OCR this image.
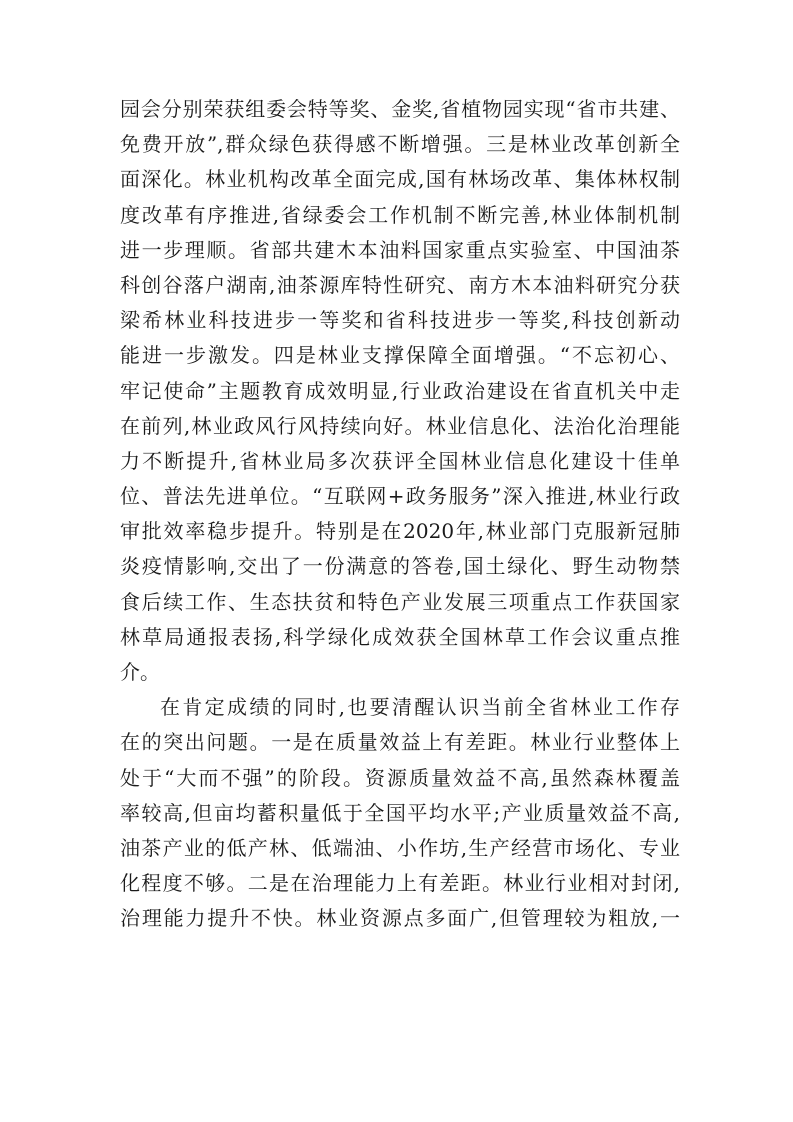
园会分别荣获组委会特等奖、金奖,省植物园实现“省市共建、
免费开放”,群众绿色获得感不断增强。三是林业改革创新全
面深化。林业机构改革全面完成,国有林场改革、集体林权制
度改革有序推进,省绿委会工作机制不断完善,林业体制机制
进一步理顺。省部共建木本油料国家重点实验室、中国油茶
科创谷落户湖南,油茶源库特性研究、南方木本油料研究分获
梁希林业科技进步一等奖和省科技进步一等奖,科技创新动
能进一步激发。四是林业支撑保障全面增强。“不忘初心、
牢记使命”主题教育成效明显,行业政治建设在省直机关中走
在前列,林业政风行风持续向好。林业信息化、法治化治理能
力不断提升,省林业局多次获评全国林业信息化建设十佳单
位、普法先进单位。“互联网+政务服务”深入推进,林业行政
审批效率稳步提升。特别是在2020年,林业部门克服新冠肺
炎疫情影响,交出了一份满意的答卷,国土绿化、野生动物禁
食后续工作、生态扶贫和特色产业发展三项重点工作获国家
林草局通报表扬,科学绿化成效获全国林草工作会议重点推
介。
在肯定成绩的同时,也要清醒认识当前全省林业工作存
在的突出问题。一是在质量效益上有差距。林业行业整体上
处于“大而不强”的阶段。资源质量效益不高,虽然森林覆盖
率较高,但亩均蓄积量低于全国平均水平;产业质量效益不高,
油茶产业的低产林、低端油、小作坊,生产经营市场化、专业
化程度不够。二是在治理能力上有差距。林业行业相对封闭,
治理能力提升不快。林业资源点多面广,但管理较为粗放,一
